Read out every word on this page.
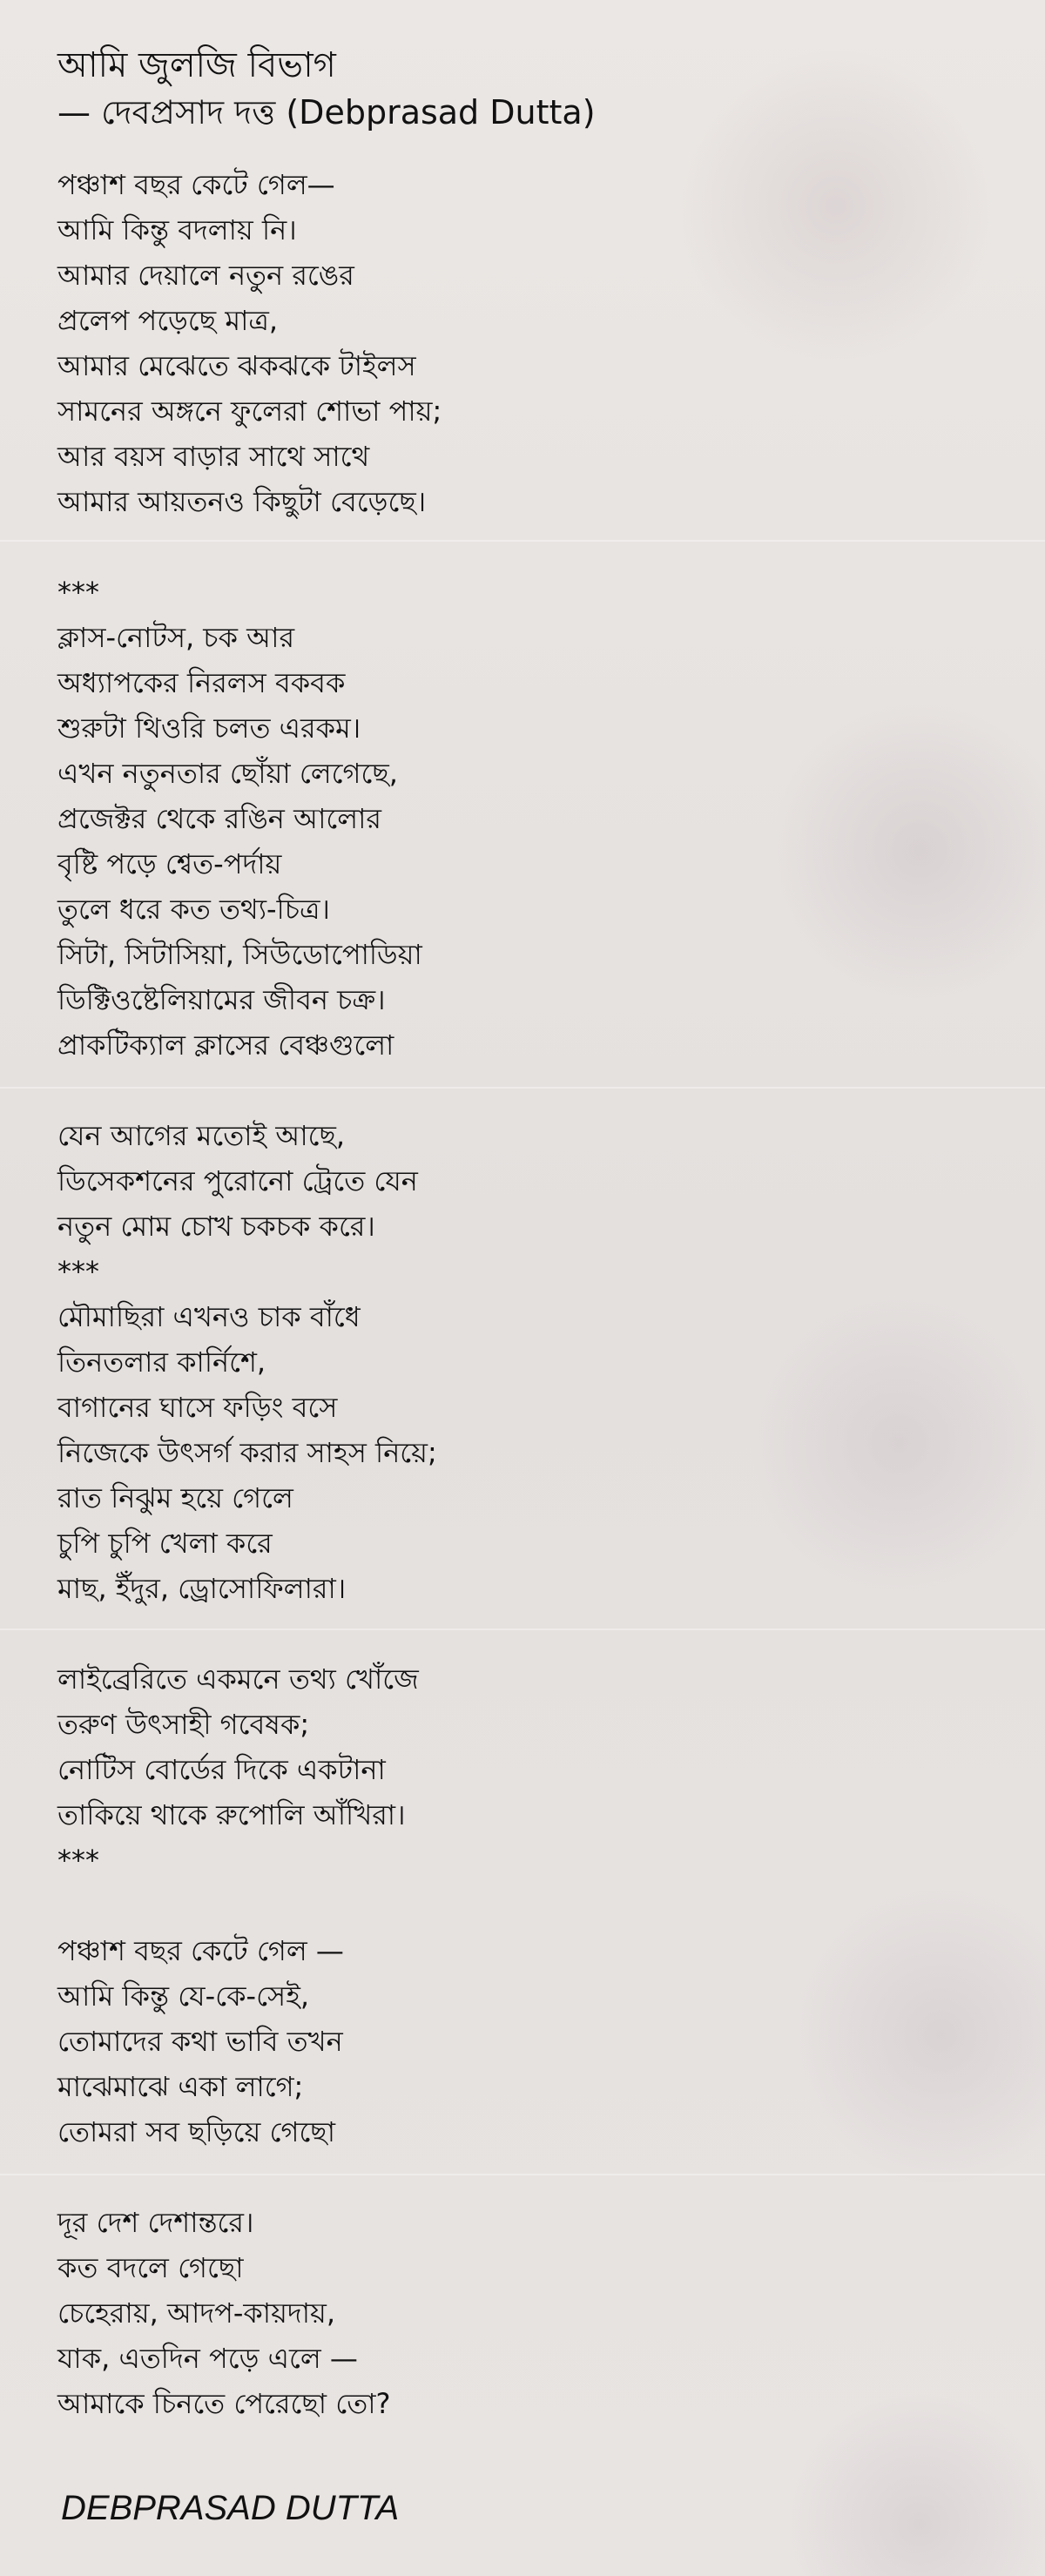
আমি জুলজি বিভাগ
— দেবপ্রসাদ দত্ত (Debprasad Dutta)
পঞ্চাশ বছর কেটে গেল—
আমি কিন্তু বদলায় নি।
আমার দেয়ালে নতুন রঙের
প্রলেপ পড়েছে মাত্র,
আমার মেঝেতে ঝকঝকে টাইলস
সামনের অঙ্গনে ফুলেরা শোভা পায়;
আর বয়স বাড়ার সাথে সাথে
আমার আয়তনও কিছুটা বেড়েছে।
***
ক্লাস-নোটস, চক আর
অধ্যাপকের নিরলস বকবক
শুরুটা থিওরি চলত এরকম।
এখন নতুনতার ছোঁয়া লেগেছে,
প্রজেক্টর থেকে রঙিন আলোর
বৃষ্টি পড়ে শ্বেত-পর্দায়
তুলে ধরে কত তথ্য-চিত্র।
সিটা, সিটাসিয়া, সিউডোপোডিয়া
ডিক্টিওষ্টেলিয়ামের জীবন চক্র।
প্রাকটিক্যাল ক্লাসের বেঞ্চগুলো
যেন আগের মতোই আছে,
ডিসেকশনের পুরোনো ট্রেতে যেন
নতুন মোম চোখ চকচক করে।
***
মৌমাছিরা এখনও চাক বাঁধে
তিনতলার কার্নিশে,
বাগানের ঘাসে ফড়িং বসে
নিজেকে উৎসর্গ করার সাহস নিয়ে;
রাত নিঝুম হয়ে গেলে
চুপি চুপি খেলা করে
মাছ, ইঁদুর, ড্রোসোফিলারা।
লাইব্রেরিতে একমনে তথ্য খোঁজে
তরুণ উৎসাহী গবেষক;
নোটিস বোর্ডের দিকে একটানা
তাকিয়ে থাকে রুপোলি আঁখিরা।
***
পঞ্চাশ বছর কেটে গেল —
আমি কিন্তু যে-কে-সেই,
তোমাদের কথা ভাবি তখন
মাঝেমাঝে একা লাগে;
তোমরা সব ছড়িয়ে গেছো
দূর দেশ দেশান্তরে।
কত বদলে গেছো
চেহেরায়, আদপ-কায়দায়,
যাক, এতদিন পড়ে এলে —
আমাকে চিনতে পেরেছো তো?
DEBPRASAD DUTTA
